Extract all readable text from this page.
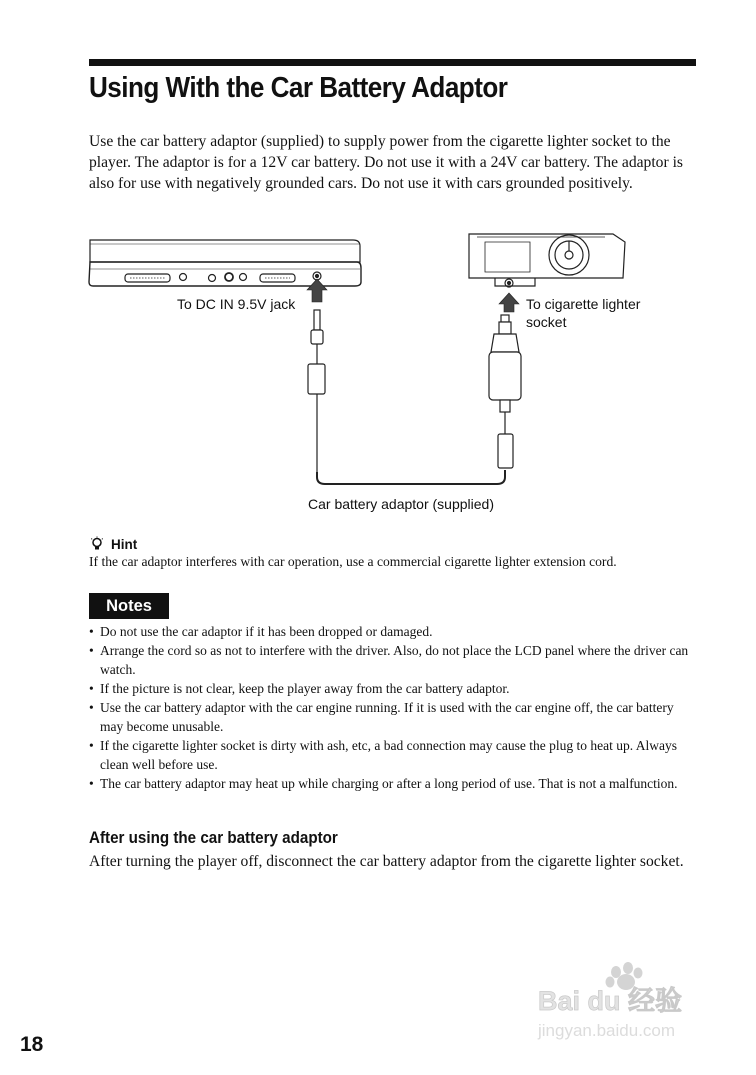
Using With the Car Battery Adaptor

Use the car battery adaptor (supplied) to supply power from the cigarette lighter socket to the player. The adaptor is for a 12V car battery. Do not use it with a 24V car battery. The adaptor is also for use with negatively grounded cars. Do not use it with cars grounded positively.

To DC IN 9.5V jack	To cigarette lighter
socket
Car battery adaptor (supplied)
Hint

If the car adaptor interferes with car operation, use a commercial cigarette lighter extension cord.

Notes
• Do not use the car adaptor if it has been dropped or damaged.
• Arrange the cord so as not to interfere with the driver. Also, do not place the LCD panel where the driver can watch.
• If the picture is not clear, keep the player away from the car battery adaptor.
• Use the car battery adaptor with the car engine running. If it is used with the car engine off, the car battery may become unusable.
• If the cigarette lighter socket is dirty with ash, etc, a bad connection may cause the plug to heat up. Always clean well before use.
• The car battery adaptor may heat up while charging or after a long period of use. That is not a malfunction.
After using the car battery adaptor

After turning the player off, disconnect the car battery adaptor from the cigarette lighter socket.

18
Bai du 经验
jingyan.baidu.com
